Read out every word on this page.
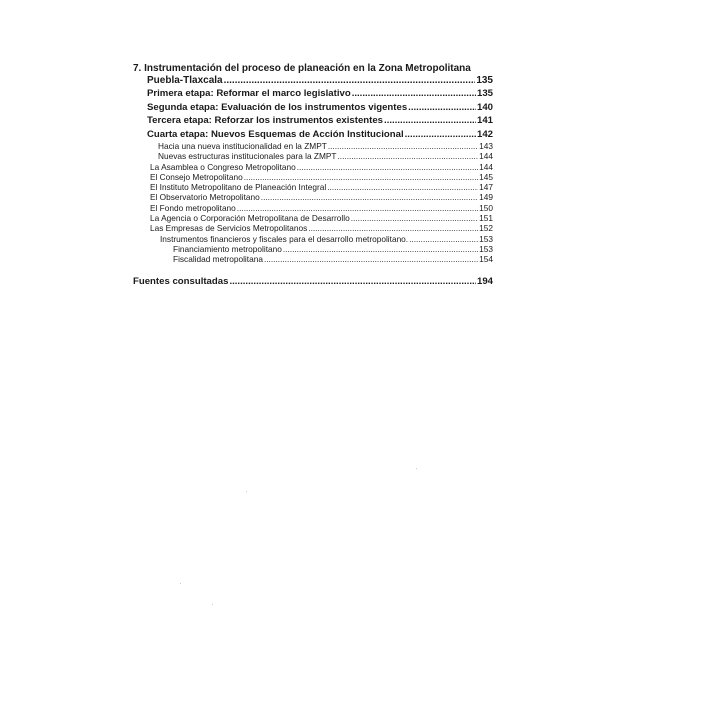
7. Instrumentación del proceso de planeación en la Zona Metropolitana
Puebla-Tlaxcala .....	135
Primera etapa: Reformar el marco legislativo .....	135
Segunda etapa: Evaluación de los instrumentos vigentes .....	140
Tercera etapa: Reforzar los instrumentos existentes .....	141
Cuarta etapa: Nuevos Esquemas de Acción Institucional .....	142
Hacia una nueva institucionalidad en la ZMPT .....	143
Nuevas estructuras institucionales para la ZMPT .....	144
La Asamblea o Congreso Metropolitano .....	144
El Consejo Metropolitano .....	145
El Instituto Metropolitano de Planeación Integral .....	147
El Observatorio Metropolitano .....	149
El Fondo metropolitano .....	150
La Agencia o Corporación Metropolitana de Desarrollo .....	151
Las Empresas de Servicios Metropolitanos .....	152
Instrumentos financieros y fiscales para el desarrollo metropolitano. .....	153
Financiamiento metropolitano .....	153
Fiscalidad metropolitana .....	154
Fuentes consultadas .....	194
